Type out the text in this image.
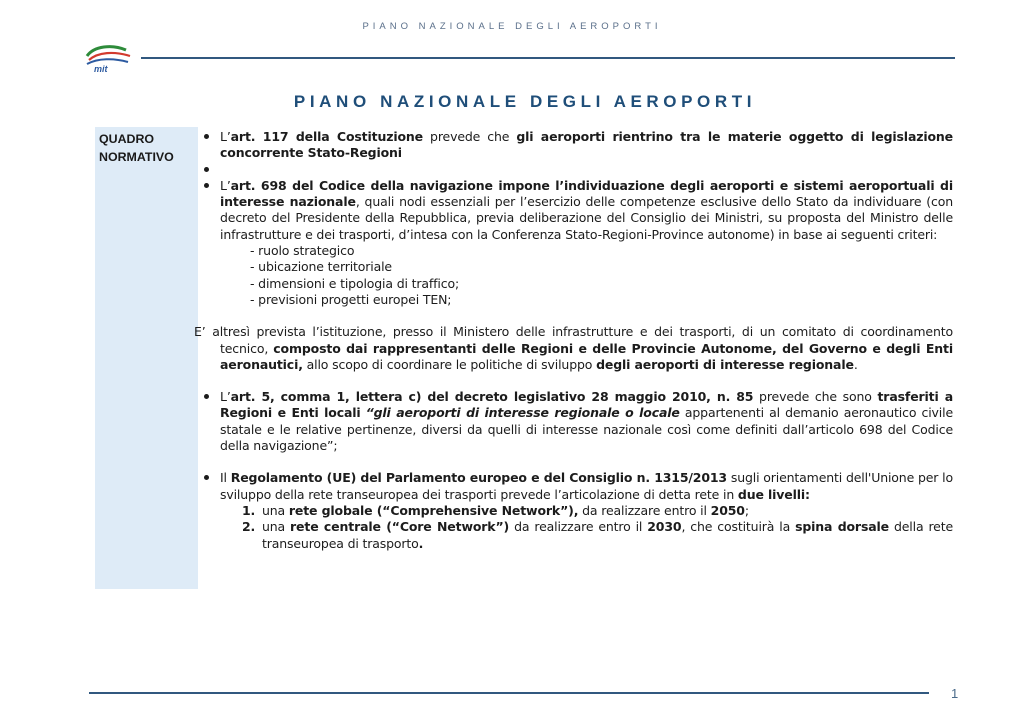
PIANO NAZIONALE DEGLI AEROPORTI
mit
PIANO NAZIONALE DEGLI AEROPORTI
QUADRO
NORMATIVO

L’art. 117 della Costituzione prevede che gli aeroporti rientrino tra le materie oggetto di legislazione concorrente Stato-Regioni

L’art. 698 del Codice della navigazione impone l’individuazione degli aeroporti e sistemi aeroportuali di interesse nazionale, quali nodi essenziali per l’esercizio delle competenze esclusive dello Stato da individuare (con decreto del Presidente della Repubblica, previa deliberazione del Consiglio dei Ministri, su proposta del Ministro delle infrastrutture e dei trasporti, d’intesa con la Conferenza Stato-Regioni-Province autonome) in base ai seguenti criteri:

- ruolo strategico
- ubicazione territoriale
- dimensioni e tipologia di traffico;
- previsioni progetti europei TEN;

E’ altresì prevista l’istituzione, presso il Ministero delle infrastrutture e dei trasporti, di un comitato di coordinamento tecnico, composto dai rappresentanti delle Regioni e delle Provincie Autonome, del Governo e degli Enti aeronautici, allo scopo di coordinare le politiche di sviluppo degli aeroporti di interesse regionale.

L’art. 5, comma 1, lettera c) del decreto legislativo 28 maggio 2010, n. 85 prevede che sono trasferiti a Regioni e Enti locali “gli aeroporti di interesse regionale o locale appartenenti al demanio aeronautico civile statale e le relative pertinenze, diversi da quelli di interesse nazionale così come definiti dall’articolo 698 del Codice della navigazione”;

Il Regolamento (UE) del Parlamento europeo e del Consiglio n. 1315/2013 sugli orientamenti dell'Unione per lo sviluppo della rete transeuropea dei trasporti prevede l’articolazione di detta rete in due livelli:

1. una rete globale (“Comprehensive Network”), da realizzare entro il 2050;
2. una rete centrale (“Core Network”) da realizzare entro il 2030, che costituirà la spina dorsale della rete transeuropea di trasporto.
1
